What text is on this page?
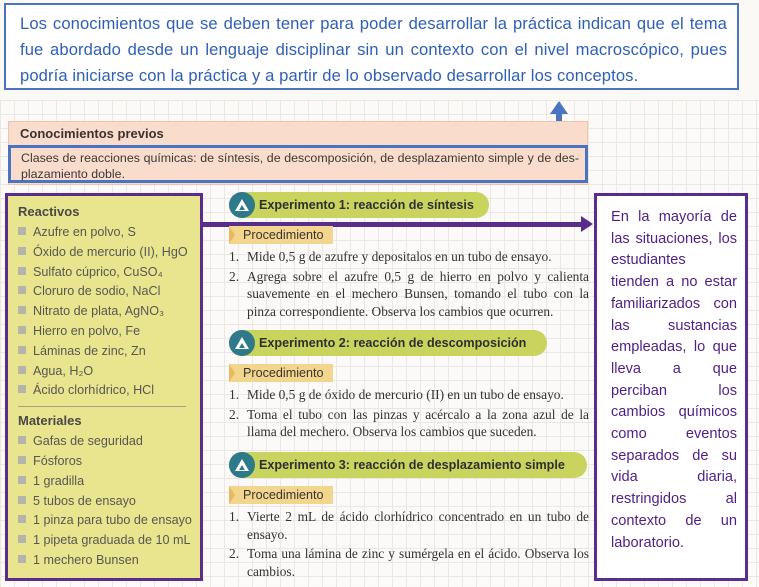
Los conocimientos que se deben tener para poder desarrollar la práctica indican que el tema fue abordado desde un lenguaje disciplinar sin un contexto con el nivel macroscópico, pues podría iniciarse con la práctica y a partir de lo observado desarrollar los conceptos.
Conocimientos previos
Clases de reacciones químicas: de síntesis, de descomposición, de desplazamiento simple y de des-plazamiento doble.
Reactivos
Azufre en polvo, S
Óxido de mercurio (II), HgO
Sulfato cúprico, CuSO₄
Cloruro de sodio, NaCl
Nitrato de plata, AgNO₃
Hierro en polvo, Fe
Láminas de zinc, Zn
Agua, H₂O
Ácido clorhídrico, HCl
Materiales
Gafas de seguridad
Fósforos
1 gradilla
5 tubos de ensayo
1 pinza para tubo de ensayo
1 pipeta graduada de 10 mL
1 mechero Bunsen
Experimento 1: reacción de síntesis
Procedimiento
1. Mide 0,5 g de azufre y depositalos en un tubo de ensayo.
2. Agrega sobre el azufre 0,5 g de hierro en polvo y calienta suavemente en el mechero Bunsen, tomando el tubo con la pinza correspondiente. Observa los cambios que ocurren.
Experimento 2: reacción de descomposición
Procedimiento
1. Mide 0,5 g de óxido de mercurio (II) en un tubo de ensayo.
2. Toma el tubo con las pinzas y acércalo a la zona azul de la llama del mechero. Observa los cambios que suceden.
Experimento 3: reacción de desplazamiento simple
Procedimiento
1. Vierte 2 mL de ácido clorhídrico concentrado en un tubo de ensayo.
2. Toma una lámina de zinc y sumérgela en el ácido. Observa los cambios.
En la mayoría de las situaciones, los estudiantes tienden a no estar familiarizados con las sustancias empleadas, lo que lleva a que perciban los cambios químicos como eventos separados de su vida diaria, restringidos al contexto de un laboratorio.
